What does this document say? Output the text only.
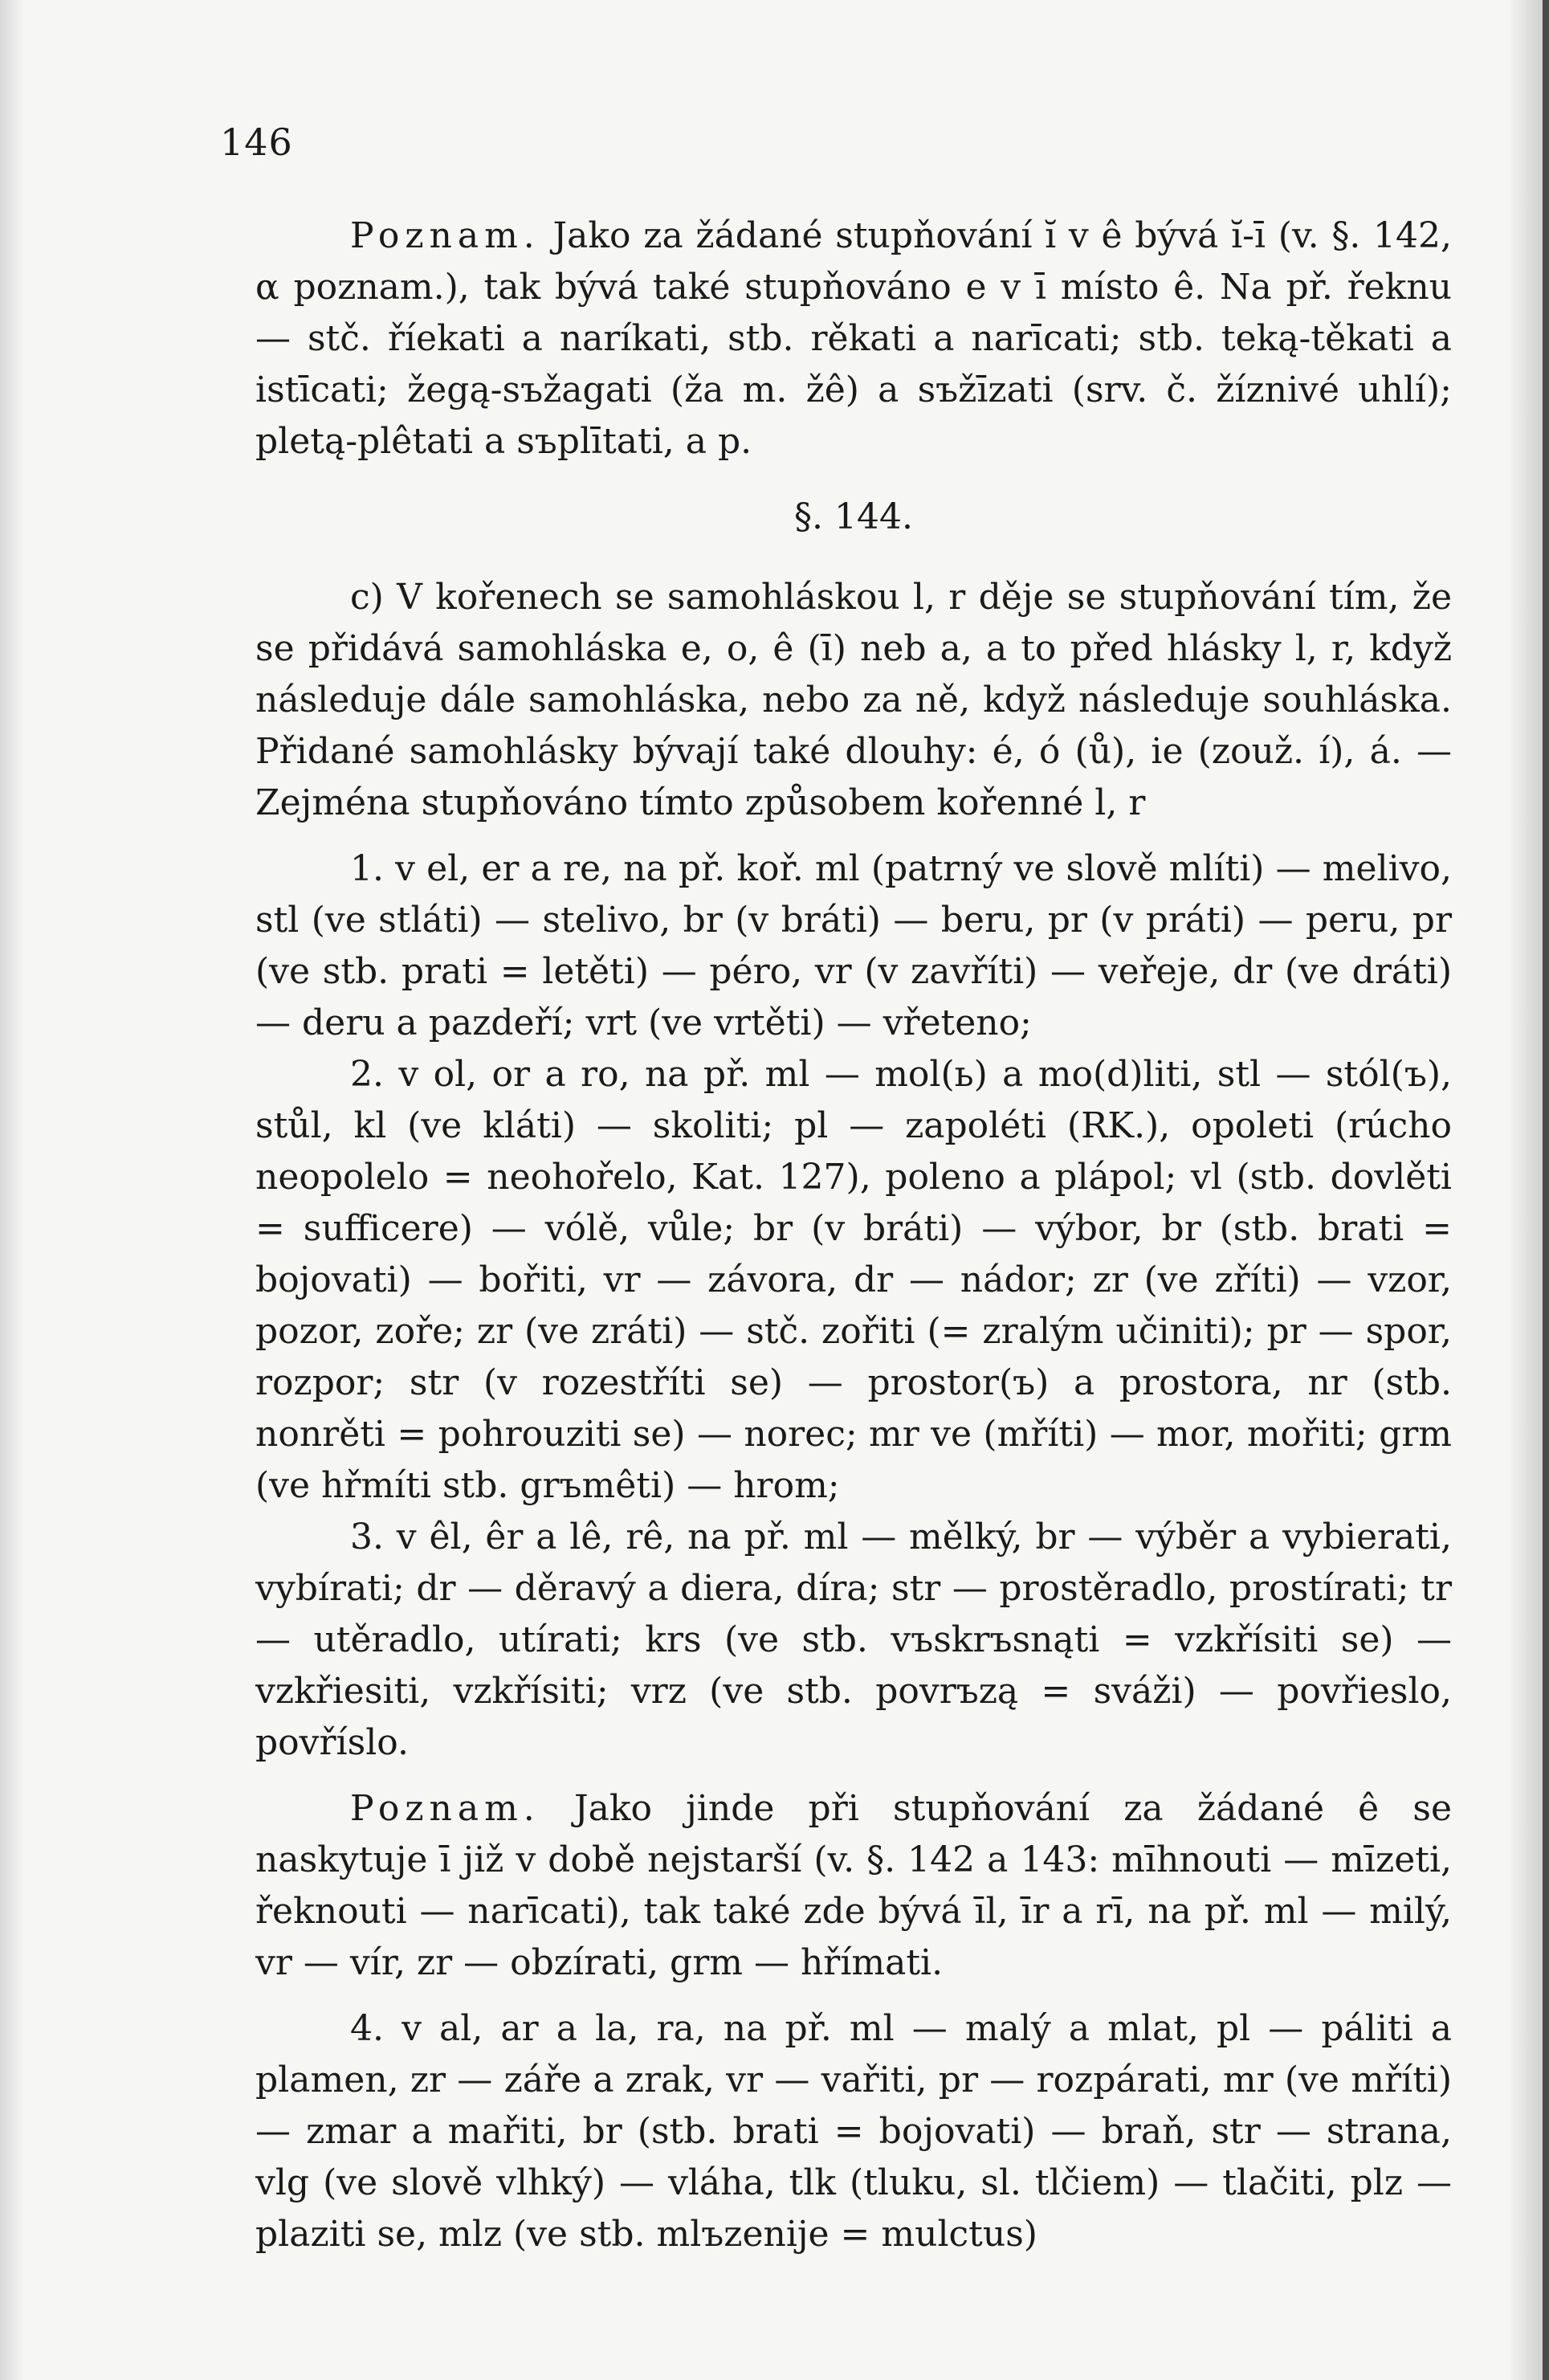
146

Poznam. Jako za žádané stupňování ĭ v ê bývá ĭ-ī (v. §. 142, α poznam.), tak bývá také stupňováno e v ī místo ê. Na př. řeknu — stč. říekati a naríkati, stb. rěkati a narīcati; stb. teką-těkati a istīcati; žegą-sъžagati (ža m. žê) a sъžīzati (srv. č. žíznivé uhlí); pletą-plêtati a sъplītati, a p.

§. 144.

c) V kořenech se samohláskou l, r děje se stupňování tím, že se přidává samohláska e, o, ê (ī) neb a, a to před hlásky l, r, když následuje dále samohláska, nebo za ně, když následuje souhláska. Přidané samohlásky bývají také dlouhy: é, ó (ů), ie (zouž. í), á. — Zejména stupňováno tímto způsobem kořenné l, r

1. v el, er a re, na př. koř. ml (patrný ve slově mlíti) — melivo, stl (ve stláti) — stelivo, br (v bráti) — beru, pr (v práti) — peru, pr (ve stb. prati = letěti) — péro, vr (v zavříti) — veřeje, dr (ve dráti) — deru a pazdeří; vrt (ve vrtěti) — vřeteno;

2. v ol, or a ro, na př. ml — mol(ь) a mo(d)liti, stl — stól(ъ), stůl, kl (ve kláti) — skoliti; pl — zapoléti (RK.), opoleti (rúcho neopolelo = neohořelo, Kat. 127), poleno a plápol; vl (stb. dovlěti = sufficere) — vólě, vůle; br (v bráti) — výbor, br (stb. brati = bojovati) — bořiti, vr — závora, dr — nádor; zr (ve zříti) — vzor, pozor, zoře; zr (ve zráti) — stč. zořiti (= zralým učiniti); pr — spor, rozpor; str (v rozestříti se) — prostor(ъ) a prostora, nr (stb. nonrěti = pohrouziti se) — norec; mr ve (mříti) — mor, mořiti; grm (ve hřmíti stb. grъmêti) — hrom;

3. v êl, êr a lê, rê, na př. ml — mělký, br — výběr a vybierati, vybírati; dr — děravý a diera, díra; str — prostěradlo, prostírati; tr — utěradlo, utírati; krs (ve stb. vъskrъsnąti = vzkřísiti se) — vzkřiesiti, vzkřísiti; vrz (ve stb. povrъzą = sváži) — povřieslo, povříslo.

Poznam. Jako jinde při stupňování za žádané ê se naskytuje ī již v době nejstarší (v. §. 142 a 143: mīhnouti — mīzeti, řeknouti — narīcati), tak také zde bývá īl, īr a rī, na př. ml — milý, vr — vír, zr — obzírati, grm — hřímati.

4. v al, ar a la, ra, na př. ml — malý a mlat, pl — páliti a plamen, zr — záře a zrak, vr — vařiti, pr — rozpárati, mr (ve mříti) — zmar a mařiti, br (stb. brati = bojovati) — braň, str — strana, vlg (ve slově vlhký) — vláha, tlk (tluku, sl. tlčiem) — tlačiti, plz — plaziti se, mlz (ve stb. mlъzenije = mulctus)
